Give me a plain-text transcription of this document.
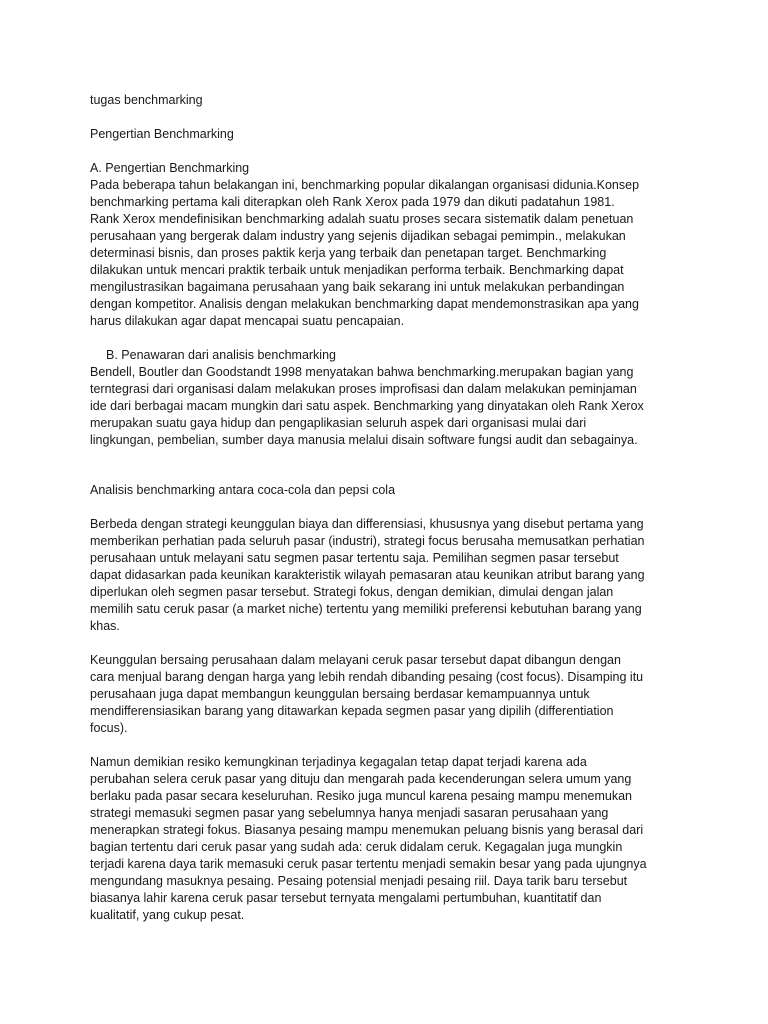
tugas benchmarking

Pengertian Benchmarking

A. Pengertian Benchmarking

Pada beberapa tahun belakangan ini, benchmarking popular dikalangan organisasi didunia.Konsep
benchmarking pertama kali diterapkan oleh Rank Xerox pada 1979 dan dikuti padatahun 1981.
Rank Xerox mendefinisikan benchmarking adalah suatu proses secara sistematik dalam penetuan
perusahaan yang bergerak dalam industry yang sejenis dijadikan sebagai pemimpin., melakukan
determinasi bisnis, dan proses paktik kerja yang terbaik dan penetapan target. Benchmarking
dilakukan untuk mencari praktik terbaik untuk menjadikan performa terbaik. Benchmarking dapat
mengilustrasikan bagaimana perusahaan yang baik sekarang ini untuk melakukan perbandingan
dengan kompetitor. Analisis dengan melakukan benchmarking dapat mendemonstrasikan apa yang
harus dilakukan agar dapat mencapai suatu pencapaian.

B. Penawaran dari analisis benchmarking

Bendell, Boutler dan Goodstandt 1998 menyatakan bahwa benchmarking.merupakan bagian yang
terntegrasi dari organisasi dalam melakukan proses improfisasi dan dalam melakukan peminjaman
ide dari berbagai macam mungkin dari satu aspek. Benchmarking yang dinyatakan oleh Rank Xerox
merupakan suatu gaya hidup dan pengaplikasian seluruh aspek dari organisasi mulai dari
lingkungan, pembelian, sumber daya manusia melalui disain software fungsi audit dan sebagainya.

Analisis benchmarking antara coca-cola dan pepsi cola

Berbeda dengan strategi keunggulan biaya dan differensiasi, khususnya yang disebut pertama yang
memberikan perhatian pada seluruh pasar (industri), strategi focus berusaha memusatkan perhatian
perusahaan untuk melayani satu segmen pasar tertentu saja. Pemilihan segmen pasar tersebut
dapat didasarkan pada keunikan karakteristik wilayah pemasaran atau keunikan atribut barang yang
diperlukan oleh segmen pasar tersebut. Strategi fokus, dengan demikian, dimulai dengan jalan
memilih satu ceruk pasar (a market niche) tertentu yang memiliki preferensi kebutuhan barang yang
khas.

Keunggulan bersaing perusahaan dalam melayani ceruk pasar tersebut dapat dibangun dengan
cara menjual barang dengan harga yang lebih rendah dibanding pesaing (cost focus). Disamping itu
perusahaan juga dapat membangun keunggulan bersaing berdasar kemampuannya untuk
mendifferensiasikan barang yang ditawarkan kepada segmen pasar yang dipilih (differentiation
focus).

Namun demikian resiko kemungkinan terjadinya kegagalan tetap dapat terjadi karena ada
perubahan selera ceruk pasar yang dituju dan mengarah pada kecenderungan selera umum yang
berlaku pada pasar secara keseluruhan. Resiko juga muncul karena pesaing mampu menemukan
strategi memasuki segmen pasar yang sebelumnya hanya menjadi sasaran perusahaan yang
menerapkan strategi fokus. Biasanya pesaing mampu menemukan peluang bisnis yang berasal dari
bagian tertentu dari ceruk pasar yang sudah ada: ceruk didalam ceruk. Kegagalan juga mungkin
terjadi karena daya tarik memasuki ceruk pasar tertentu menjadi semakin besar yang pada ujungnya
mengundang masuknya pesaing. Pesaing potensial menjadi pesaing riil. Daya tarik baru tersebut
biasanya lahir karena ceruk pasar tersebut ternyata mengalami pertumbuhan, kuantitatif dan
kualitatif, yang cukup pesat.
